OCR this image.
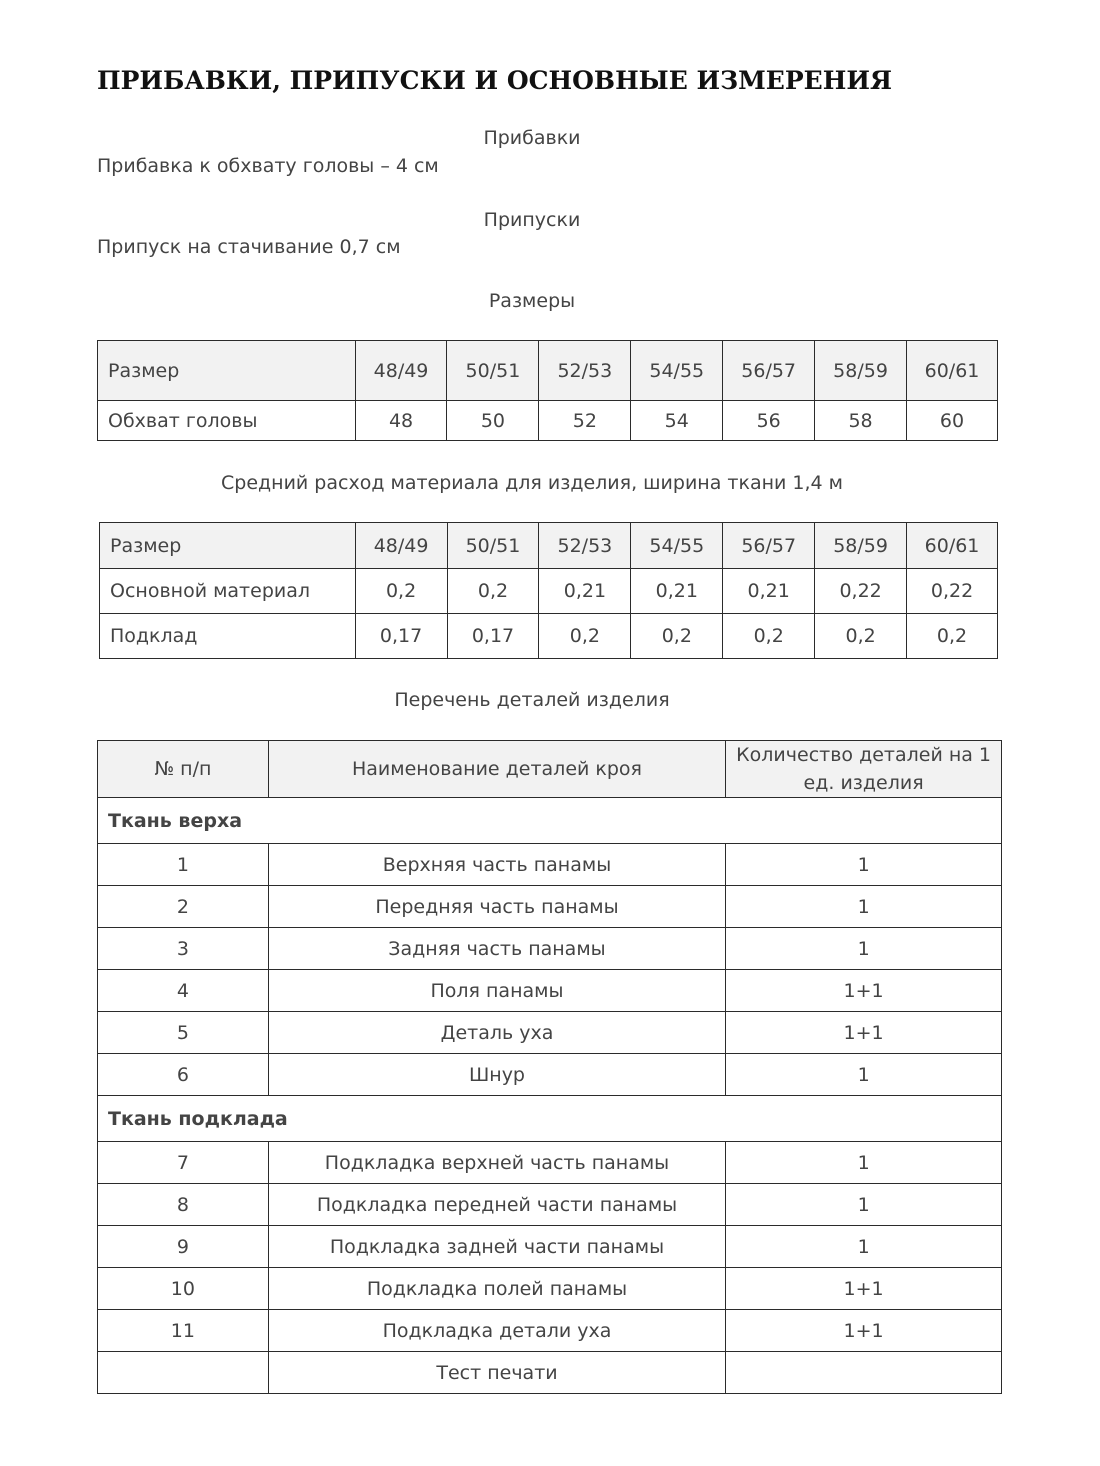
ПРИБАВКИ, ПРИПУСКИ И ОСНОВНЫЕ ИЗМЕРЕНИЯ
Прибавки
Прибавка к обхвату головы – 4 см
Припуски
Припуск на стачивание 0,7 см
Размеры
Размер	48/49	50/51	52/53	54/55	56/57	58/59	60/61
Обхват головы	48	50	52	54	56	58	60
Средний расход материала для изделия, ширина ткани 1,4 м
Размер	48/49	50/51	52/53	54/55	56/57	58/59	60/61
Основной материал	0,2	0,2	0,21	0,21	0,21	0,22	0,22
Подклад	0,17	0,17	0,2	0,2	0,2	0,2	0,2
Перечень деталей изделия
№ п/п	Наименование деталей кроя	Количество деталей на 1 ед. изделия
Ткань верха		
1	Верхняя часть панамы	1
2	Передняя часть панамы	1
3	Задняя часть панамы	1
4	Поля панамы	1+1
5	Деталь уха	1+1
6	Шнур	1
Ткань подклада		
7	Подкладка верхней часть панамы	1
8	Подкладка передней части панамы	1
9	Подкладка задней части панамы	1
10	Подкладка полей панамы	1+1
11	Подкладка детали уха	1+1
	Тест печати	
